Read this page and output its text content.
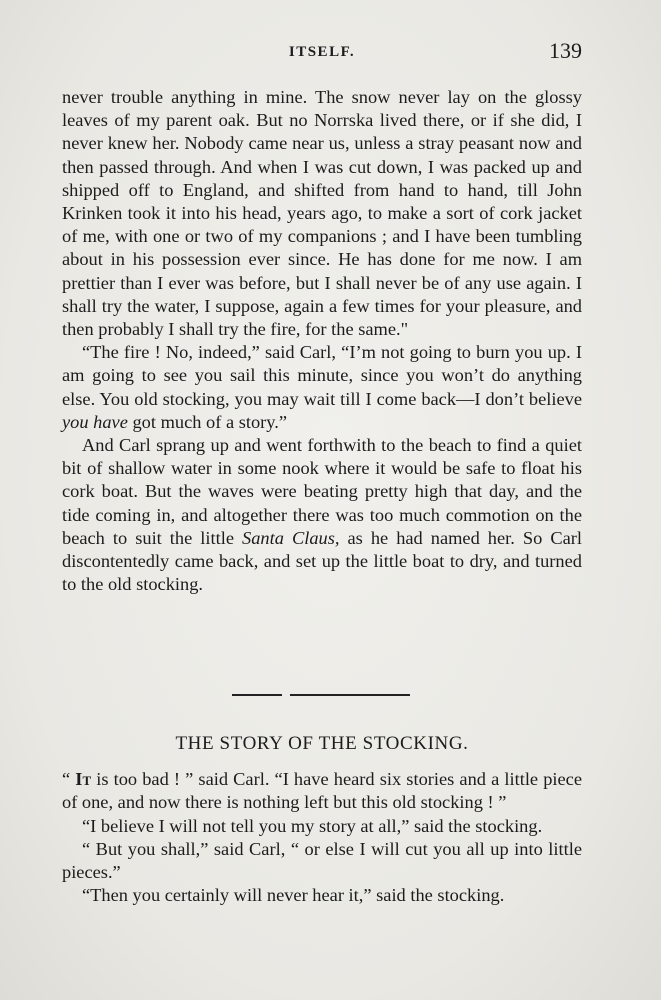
ITSELF.	139

never trouble anything in mine. The snow never lay on the glossy leaves of my parent oak. But no Norrska lived there, or if she did, I never knew her. Nobody came near us, unless a stray peasant now and then passed through. And when I was cut down, I was packed up and shipped off to England, and shifted from hand to hand, till John Krinken took it into his head, years ago, to make a sort of cork jacket of me, with one or two of my companions ; and I have been tumbling about in his possession ever since. He has done for me now. I am prettier than I ever was before, but I shall never be of any use again. I shall try the water, I suppose, again a few times for your pleasure, and then probably I shall try the fire, for the same."

“The fire ! No, indeed,” said Carl, “I’m not going to burn you up. I am going to see you sail this minute, since you won’t do anything else. You old stocking, you may wait till I come back—I don’t believe you have got much of a story.”

And Carl sprang up and went forthwith to the beach to find a quiet bit of shallow water in some nook where it would be safe to float his cork boat. But the waves were beating pretty high that day, and the tide coming in, and altogether there was too much commotion on the beach to suit the little Santa Claus, as he had named her. So Carl discontentedly came back, and set up the little boat to dry, and turned to the old stocking.

THE STORY OF THE STOCKING.

“ It is too bad ! ” said Carl. “I have heard six stories and a little piece of one, and now there is nothing left but this old stocking ! ”

“I believe I will not tell you my story at all,” said the stocking.

“ But you shall,” said Carl, “ or else I will cut you all up into little pieces.”

“Then you certainly will never hear it,” said the stocking.
